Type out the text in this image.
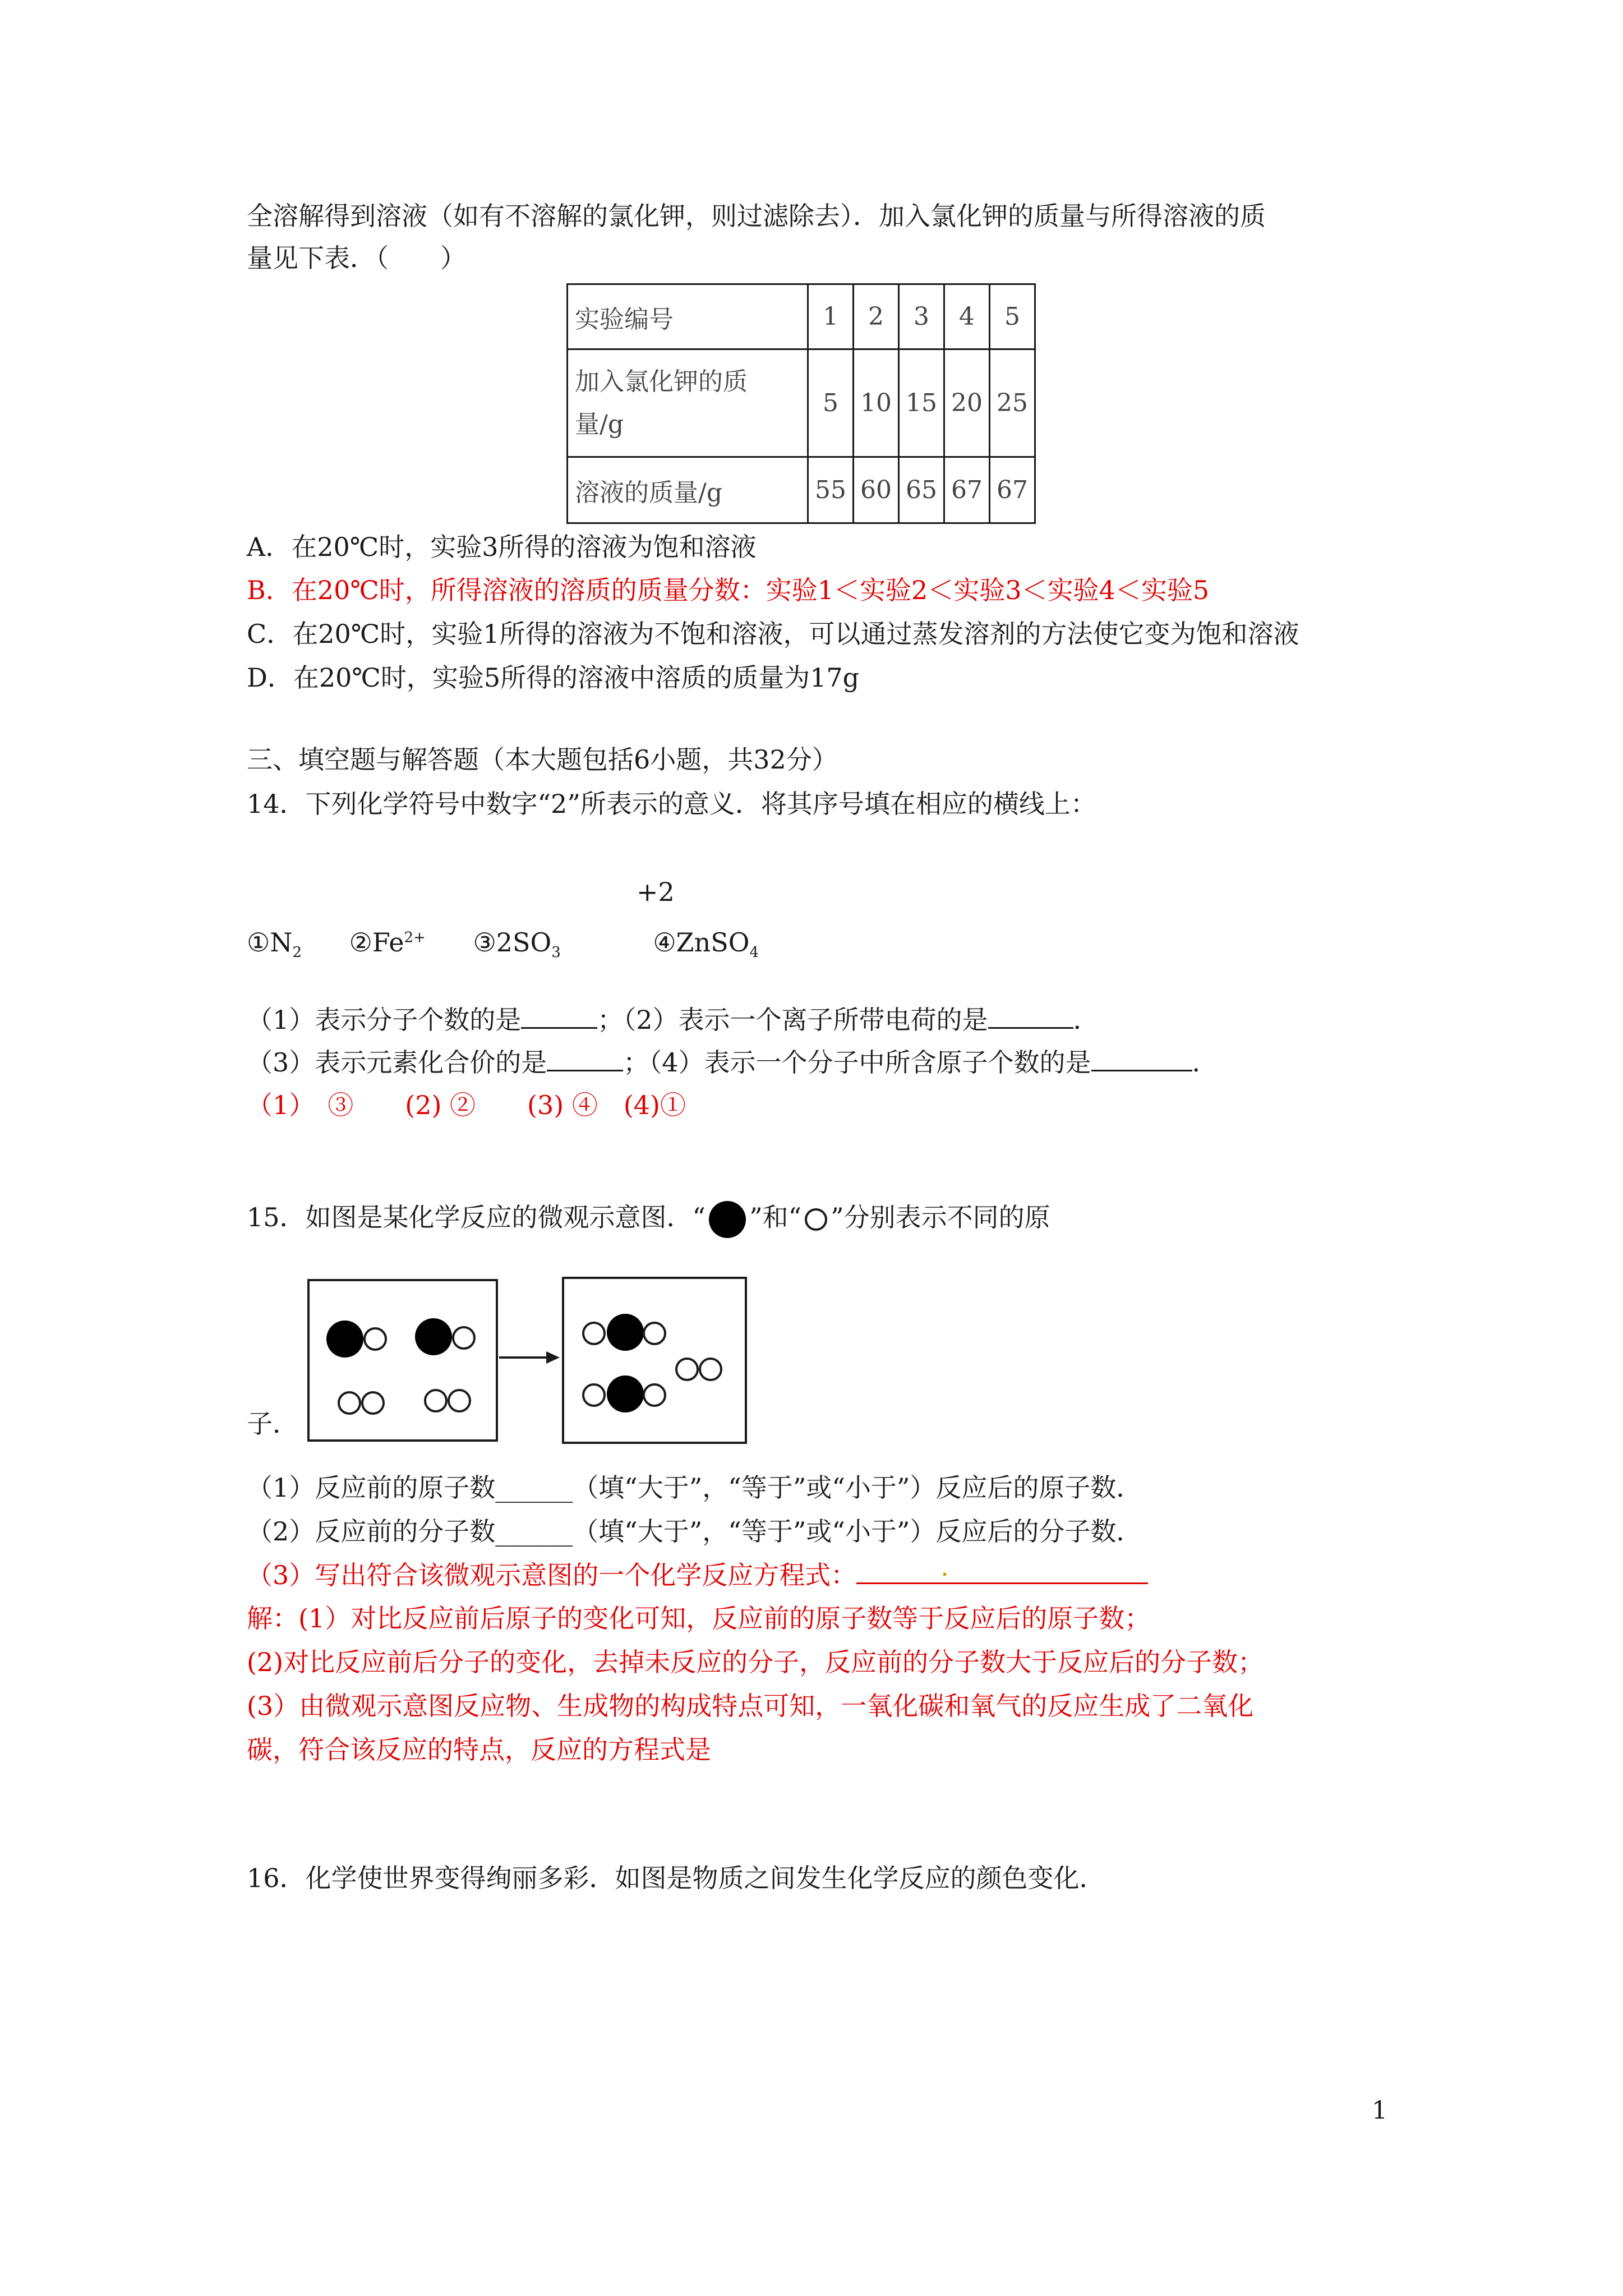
全溶解得到溶液（如有不溶解的氯化钾，则过滤除去）．加入氯化钾的质量与所得溶液的质
量见下表．（　　）
实验编号	1	2	3	4	5
加入氯化钾的质
量/g	5	10	15	20	25
溶液的质量/g	55	60	65	67	67
A．在20℃时，实验3所得的溶液为饱和溶液
B．在20℃时，所得溶液的溶质的质量分数：实验1＜实验2＜实验3＜实验4＜实验5
C．在20℃时，实验1所得的溶液为不饱和溶液，可以通过蒸发溶剂的方法使它变为饱和溶液
D．在20℃时，实验5所得的溶液中溶质的质量为17g
三、填空题与解答题（本大题包括6小题，共32分）
14．下列化学符号中数字“2”所表示的意义．将其序号填在相应的横线上：
+2
$①N_2$ $②Fe^{2+}$ $③2SO_3$	④ZnSO$_4$
（1）表示分子个数的是	；（2）表示一个离子所带电荷的是	．
（3）表示元素化合价的是	；（4）表示一个分子中所含原子个数的是	．
（1）　③　　(2) ②　　(3) ④　(4)①
15．如图是某化学反应的微观示意图．“ ”和“ ”分别表示不同的原
子．
（1）反应前的原子数______（填“大于”，“等于”或“小于”）反应后的原子数．
（2）反应前的分子数______（填“大于”，“等于”或“小于”）反应后的分子数．
（3）写出符合该微观示意图的一个化学反应方程式：	.
解：(1）对比反应前后原子的变化可知，反应前的原子数等于反应后的原子数；
(2)对比反应前后分子的变化，去掉未反应的分子，反应前的分子数大于反应后的分子数；
(3）由微观示意图反应物、生成物的构成特点可知，一氧化碳和氧气的反应生成了二氧化
碳，符合该反应的特点，反应的方程式是
16．化学使世界变得绚丽多彩．如图是物质之间发生化学反应的颜色变化．
1
